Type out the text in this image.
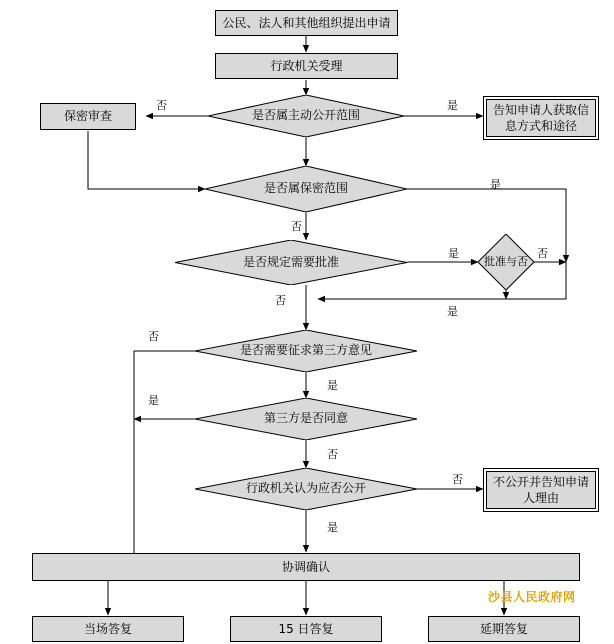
公民、法人和其他组织提出申请
行政机关受理
保密审查	告知申请人获取信息方式和途径
不公开并告知申请人理由
协调确认
当场答复	15 日答复	延期答复
是否属主动公开范围
是否属保密范围
是否规定需要批准	批准与否
是否需要征求第三方意见
第三方是否同意
行政机关认为应否公开
否	是
是
否
是	否
否
是
否
是
是
否
否
是
沙县人民政府网
